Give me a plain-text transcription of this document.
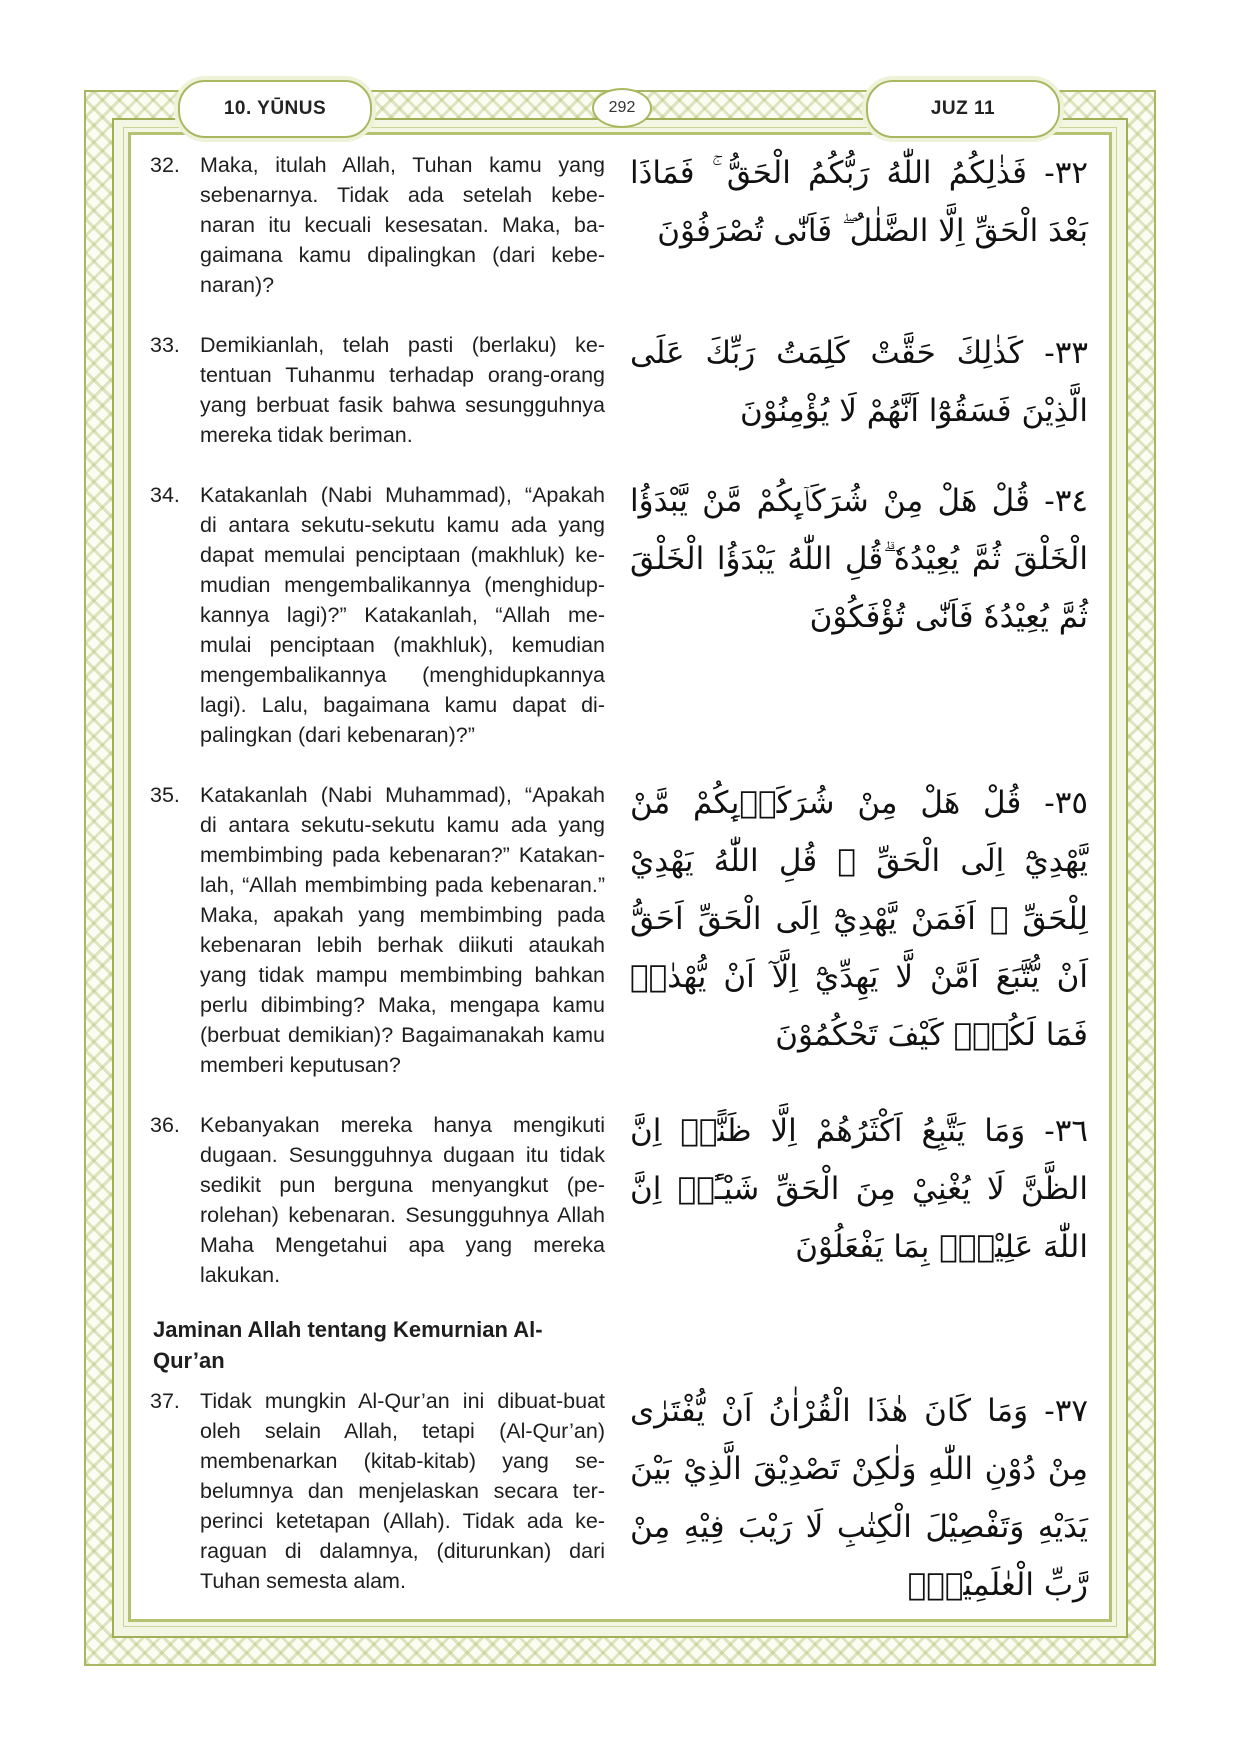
10. YŪNUS	292	JUZ 11
32. Maka, itulah Allah, Tuhan kamu yang sebenarnya. Tidak ada setelah kebe-naran itu kecuali kesesatan. Maka, ba-gaimana kamu dipalingkan (dari kebe-naran)?
٣٢- فَذٰلِكُمُ اللّٰهُ رَبُّكُمُ الْحَقُّ ۚ فَمَاذَا بَعْدَ الْحَقِّ اِلَّا الضَّلٰلُ ۖ فَاَنّٰى تُصْرَفُوْنَ
33. Demikianlah, telah pasti (berlaku) ke-tentuan Tuhanmu terhadap orang-orang yang berbuat fasik bahwa sesungguhnya mereka tidak beriman.
٣٣- كَذٰلِكَ حَقَّتْ كَلِمَتُ رَبِّكَ عَلَى الَّذِيْنَ فَسَقُوْٓا اَنَّهُمْ لَا يُؤْمِنُوْنَ
34. Katakanlah (Nabi Muhammad), “Apakah di antara sekutu-sekutu kamu ada yang dapat memulai penciptaan (makhluk) ke-mudian mengembalikannya (menghidup-kannya lagi)?” Katakanlah, “Allah me-mulai penciptaan (makhluk), kemudian mengembalikannya (menghidupkannya lagi). Lalu, bagaimana kamu dapat di-palingkan (dari kebenaran)?”
٣٤- قُلْ هَلْ مِنْ شُرَكَاۤىِٕكُمْ مَّنْ يَّبْدَؤُا الْخَلْقَ ثُمَّ يُعِيْدُهٗ ۗقُلِ اللّٰهُ يَبْدَؤُا الْخَلْقَ ثُمَّ يُعِيْدُهٗ فَاَنّٰى تُؤْفَكُوْنَ
35. Katakanlah (Nabi Muhammad), “Apakah di antara sekutu-sekutu kamu ada yang membimbing pada kebenaran?” Katakan-lah, “Allah membimbing pada kebenaran.” Maka, apakah yang membimbing pada kebenaran lebih berhak diikuti ataukah yang tidak mampu membimbing bahkan perlu dibimbing? Maka, mengapa kamu (berbuat demikian)? Bagaimanakah kamu memberi keputusan?
٣٥- قُلْ هَلْ مِنْ شُرَكَاۤىِٕكُمْ مَّنْ يَّهْدِيْٓ اِلَى الْحَقِّ ۗ قُلِ اللّٰهُ يَهْدِيْ لِلْحَقِّ ۗ اَفَمَنْ يَّهْدِيْٓ اِلَى الْحَقِّ اَحَقُّ اَنْ يُّتَّبَعَ اَمَّنْ لَّا يَهِدِّيْٓ اِلَّآ اَنْ يُّهْدٰىۚ فَمَا لَكُمْۗ كَيْفَ تَحْكُمُوْنَ
36. Kebanyakan mereka hanya mengikuti dugaan. Sesungguhnya dugaan itu tidak sedikit pun berguna menyangkut (pe-rolehan) kebenaran. Sesungguhnya Allah Maha Mengetahui apa yang mereka lakukan.
٣٦- وَمَا يَتَّبِعُ اَكْثَرُهُمْ اِلَّا ظَنًّاۗ اِنَّ الظَّنَّ لَا يُغْنِيْ مِنَ الْحَقِّ شَيْـًٔاۗ اِنَّ اللّٰهَ عَلِيْمٌۢ بِمَا يَفْعَلُوْنَ
Jaminan Allah tentang Kemurnian Al-Qur’an
37. Tidak mungkin Al-Qur’an ini dibuat-buat oleh selain Allah, tetapi (Al-Qur’an) membenarkan (kitab-kitab) yang se-belumnya dan menjelaskan secara ter-perinci ketetapan (Allah). Tidak ada ke-raguan di dalamnya, (diturunkan) dari Tuhan semesta alam.
٣٧- وَمَا كَانَ هٰذَا الْقُرْاٰنُ اَنْ يُّفْتَرٰى مِنْ دُوْنِ اللّٰهِ وَلٰكِنْ تَصْدِيْقَ الَّذِيْ بَيْنَ يَدَيْهِ وَتَفْصِيْلَ الْكِتٰبِ لَا رَيْبَ فِيْهِ مِنْ رَّبِّ الْعٰلَمِيْنَۗ
